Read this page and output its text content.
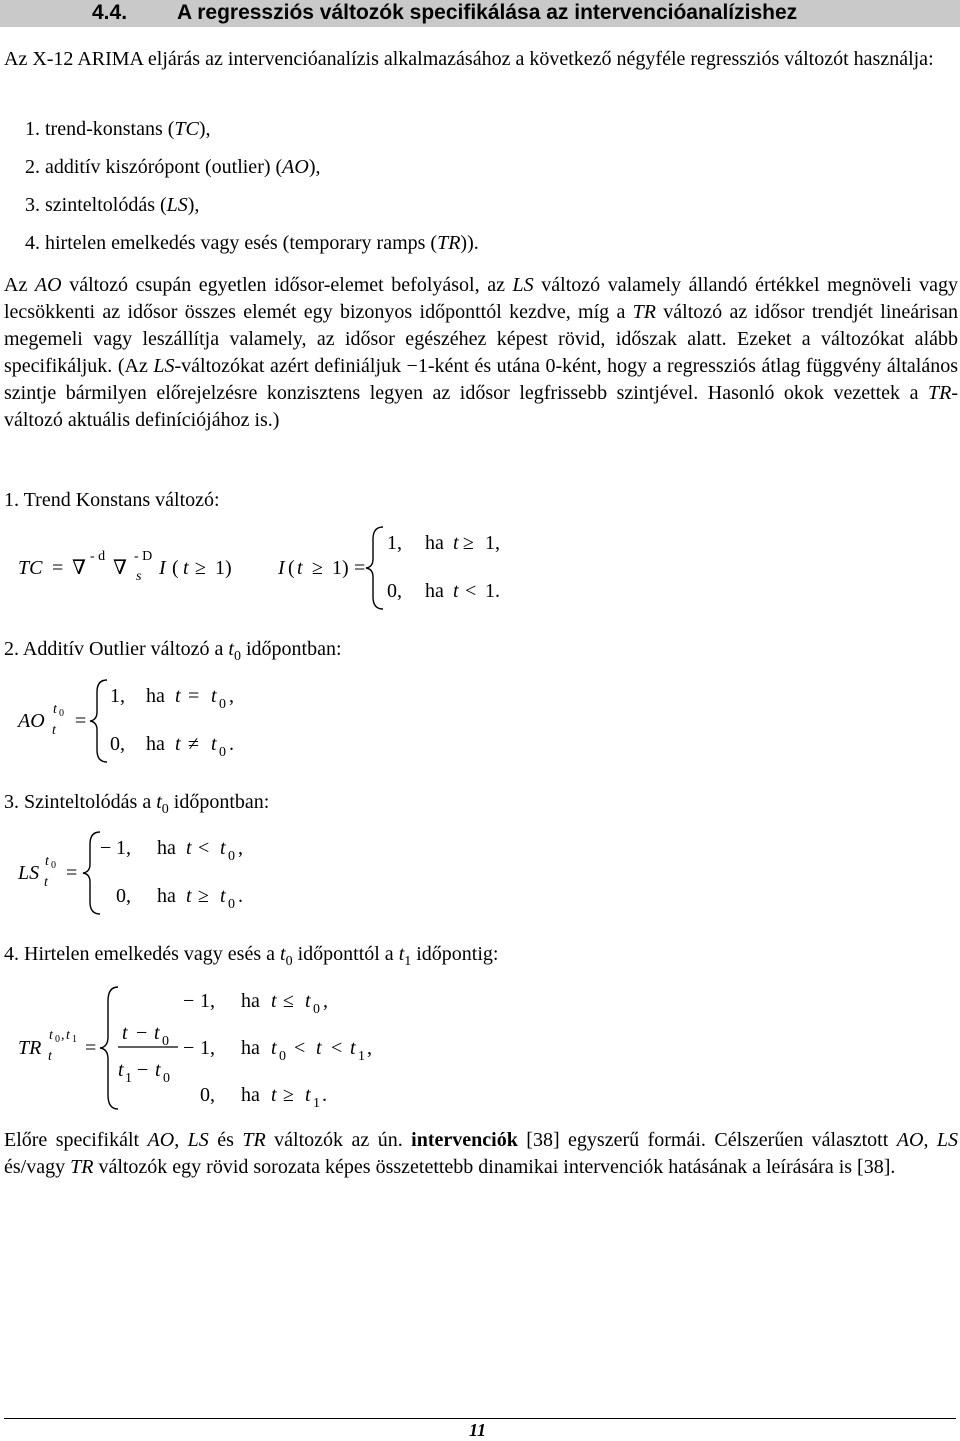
4.4. A regressziós változók specifikálása az intervencióanalízishez

Az X-12 ARIMA eljárás az intervencióanalízis alkalmazásához a következő négyféle regressziós változót használja:

1. trend-konstans (TC),
2. additív kiszórópont (outlier) (AO),
3. szinteltolódás (LS),
4. hirtelen emelkedés vagy esés (temporary ramps (TR)).

Az AO változó csupán egyetlen idősor-elemet befolyásol, az LS változó valamely állandó értékkel megnöveli vagy lecsökkenti az idősor összes elemét egy bizonyos időponttól kezdve, míg a TR változó az idősor trendjét lineárisan megemeli vagy leszállítja valamely, az idősor egészéhez képest rövid, időszak alatt. Ezeket a változókat alább specifikáljuk. (Az LS-változókat azért definiáljuk −1-ként és utána 0-ként, hogy a regressziós átlag függvény általános szintje bármilyen előrejelzésre konzisztens legyen az idősor legfrissebb szintjével. Hasonló okok vezettek a TR-változó aktuális definíciójához is.)

1. Trend Konstans változó:

TC = ∇
- d
∇
- D
s I ( t ≥ 1 ) I ( t ≥ 1 ) =
1, ha t ≥ 1,
0, ha t < 1 .

2. Additív Outlier változó a $t_0$ időpontban:

AO
t 0
t =
1, ha t = t 0 ,
0, ha t ≠ t 0 .

3. Szinteltolódás a $t_0$ időpontban:

LS
t 0
t =
− 1, ha t < t 0 ,
0, ha t ≥ t 0 .

4. Hirtelen emelkedés vagy esés a $t_0$ időponttól a $t_1$ időpontig:

TR
t 0 , t 1
t =
− 1, ha t ≤ t 0 ,
t − t 0
t 1 − t 0
− 1, ha t 0 < t < t 1 ,
0, ha t ≥ t 1 .

Előre specifikált AO, LS és TR változók az ún. intervenciók [38] egyszerű formái. Célszerűen választott AO, LS és/vagy TR változók egy rövid sorozata képes összetettebb dinamikai intervenciók hatásának a leírására is [38].

11
